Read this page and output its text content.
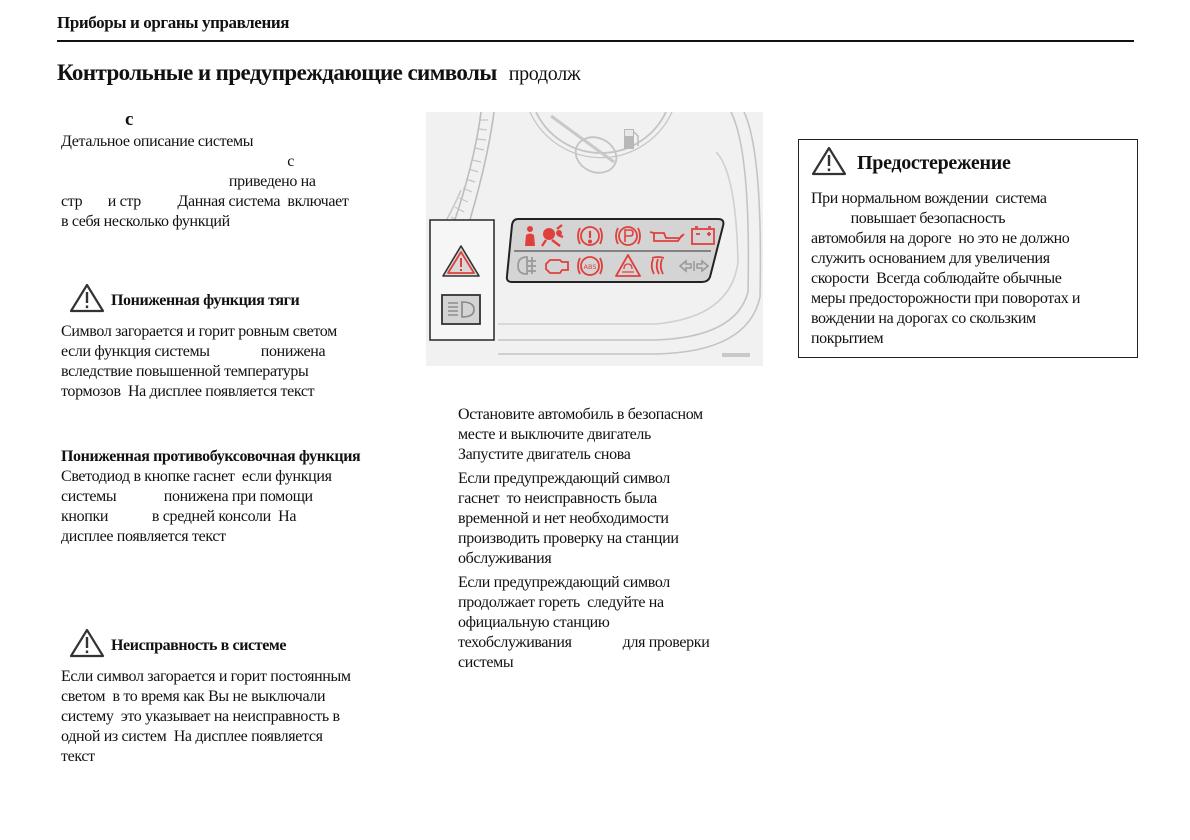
Приборы и органы управления
Контрольные и предупреждающие символы продолж
с

Детальное описание системы

с

приведено на

стр       и стр          Данная система  включает

в себя несколько функций

Пониженная функция тяги

Символ загорается и горит ровным светом

если функция системы              понижена

вследствие повышенной температуры

тормозов  На дисплее появляется текст

Пониженная противобуксовочная функция

Светодиод в кнопке гаснет  если функция

системы             понижена при помощи

кнопки            в средней консоли  На

дисплее появляется текст

Неисправность в системе

Если символ загорается и горит постоянным

светом  в то время как Вы не выключали

систему  это указывает на неисправность в

одной из систем  На дисплее появляется

текст

ABS

Остановите автомобиль в безопасном
месте и выключите двигатель
Запустите двигатель снова

Если предупреждающий символ
гаснет  то неисправность была
временной и нет необходимости
производить проверку на станции
обслуживания

Если предупреждающий символ
продолжает гореть  следуйте на
официальную станцию
техобслуживания              для проверки
системы

Предостережение
При нормальном вождении  система
повышает безопасность
автомобиля на дороге  но это не должно
служить основанием для увеличения
скорости  Всегда соблюдайте обычные
меры предосторожности при поворотах и
вождении на дорогах со скользким
покрытием
